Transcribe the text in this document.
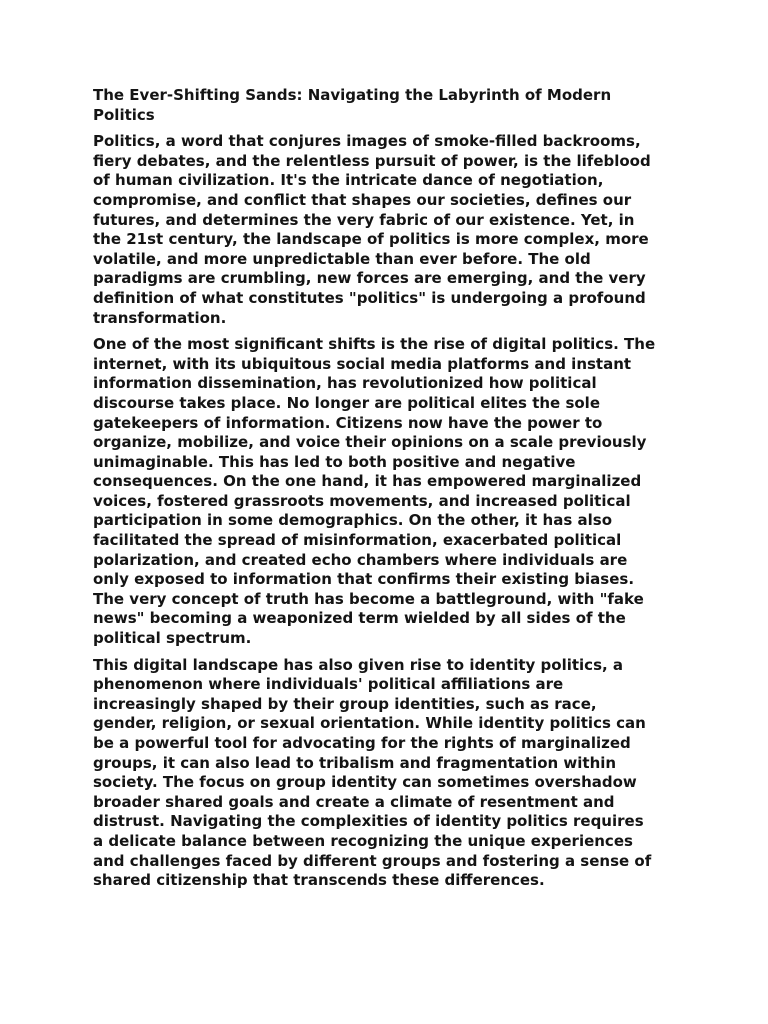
The Ever-Shifting Sands: Navigating the Labyrinth of Modern
Politics

Politics, a word that conjures images of smoke-filled backrooms,
fiery debates, and the relentless pursuit of power, is the lifeblood
of human civilization. It's the intricate dance of negotiation,
compromise, and conflict that shapes our societies, defines our
futures, and determines the very fabric of our existence. Yet, in
the 21st century, the landscape of politics is more complex, more
volatile, and more unpredictable than ever before. The old
paradigms are crumbling, new forces are emerging, and the very
definition of what constitutes "politics" is undergoing a profound
transformation.

One of the most significant shifts is the rise of digital politics. The
internet, with its ubiquitous social media platforms and instant
information dissemination, has revolutionized how political
discourse takes place. No longer are political elites the sole
gatekeepers of information. Citizens now have the power to
organize, mobilize, and voice their opinions on a scale previously
unimaginable. This has led to both positive and negative
consequences. On the one hand, it has empowered marginalized
voices, fostered grassroots movements, and increased political
participation in some demographics. On the other, it has also
facilitated the spread of misinformation, exacerbated political
polarization, and created echo chambers where individuals are
only exposed to information that confirms their existing biases.
The very concept of truth has become a battleground, with "fake
news" becoming a weaponized term wielded by all sides of the
political spectrum.

This digital landscape has also given rise to identity politics, a
phenomenon where individuals' political affiliations are
increasingly shaped by their group identities, such as race,
gender, religion, or sexual orientation. While identity politics can
be a powerful tool for advocating for the rights of marginalized
groups, it can also lead to tribalism and fragmentation within
society. The focus on group identity can sometimes overshadow
broader shared goals and create a climate of resentment and
distrust. Navigating the complexities of identity politics requires
a delicate balance between recognizing the unique experiences
and challenges faced by different groups and fostering a sense of
shared citizenship that transcends these differences.
